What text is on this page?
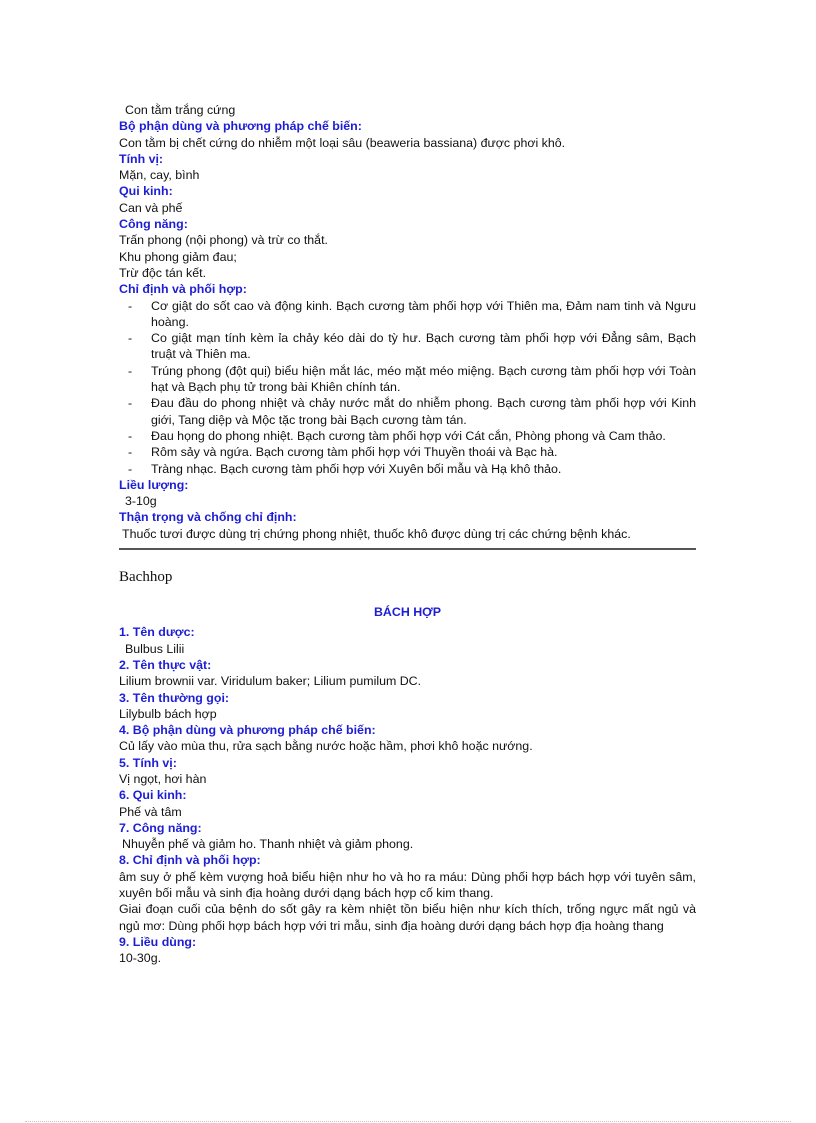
Con tằm trắng cứng
Bộ phận dùng và phương pháp chế biến:
Con tằm bị chết cứng do nhiễm một loại sâu (beaweria bassiana) được phơi khô.
Tính vị:
Mặn, cay, bình
Qui kinh:
Can và phế
Công năng:
Trấn phong (nội phong) và trừ co thắt.
Khu phong giảm đau;
Trừ độc tán kết.
Chỉ định và phối hợp:
- Cơ giật do sốt cao và động kinh. Bạch cương tàm phối hợp với Thiên ma, Đảm nam tinh và Ngưu hoàng.
- Co giật mạn tính kèm ỉa chảy kéo dài do tỳ hư. Bạch cương tàm phối hợp với Đẳng sâm, Bạch truật và Thiên ma.
- Trúng phong (đột quị) biểu hiện mắt lác, méo mặt méo miệng. Bạch cương tàm phối hợp với Toàn hạt và Bạch phụ tử trong bài Khiên chính tán.
- Đau đầu do phong nhiệt và chảy nước mắt do nhiễm phong. Bạch cương tàm phối hợp với Kinh giới, Tang diệp và Mộc tặc trong bài Bạch cương tàm tán.
- Đau họng do phong nhiệt. Bạch cương tàm phối hợp với Cát cắn, Phòng phong và Cam thảo.
- Rôm sảy và ngứa. Bạch cương tàm phối hợp với Thuyền thoái và Bạc hà.
- Tràng nhạc. Bạch cương tàm phối hợp với Xuyên bối mẫu và Hạ khô thảo.
Liều lượng:
3-10g
Thận trọng và chống chỉ định:
Thuốc tươi được dùng trị chứng phong nhiệt, thuốc khô được dùng trị các chứng bệnh khác.
Bachhop
BÁCH HỢP
1. Tên dược:
Bulbus Lilii
2. Tên thực vật:
Lilium brownii var. Viridulum baker; Lilium pumilum DC.
3. Tên thường gọi:
Lilybulb bách hợp
4. Bộ phận dùng và phương pháp chế biến:
Củ lấy vào mùa thu, rửa sạch bằng nước hoặc hầm, phơi khô hoặc nướng.
5. Tính vị:
Vị ngọt, hơi hàn
6. Qui kinh:
Phế và tâm
7. Công năng:
Nhuyễn phế và giảm ho. Thanh nhiệt và giảm phong.
8. Chỉ định và phối hợp:
âm suy ở phế kèm vượng hoả biểu hiện như ho và ho ra máu: Dùng phối hợp bách hợp với tuyên sâm, xuyên bối mẫu và sinh địa hoàng dưới dạng bách hợp cố kim thang.
Giai đoạn cuối của bệnh do sốt gây ra kèm nhiệt tồn biểu hiện như kích thích, trống ngực mất ngủ và ngủ mơ: Dùng phối hợp bách hợp với tri mẫu, sinh địa hoàng dưới dạng bách hợp địa hoàng thang
9. Liều dùng:
10-30g.
